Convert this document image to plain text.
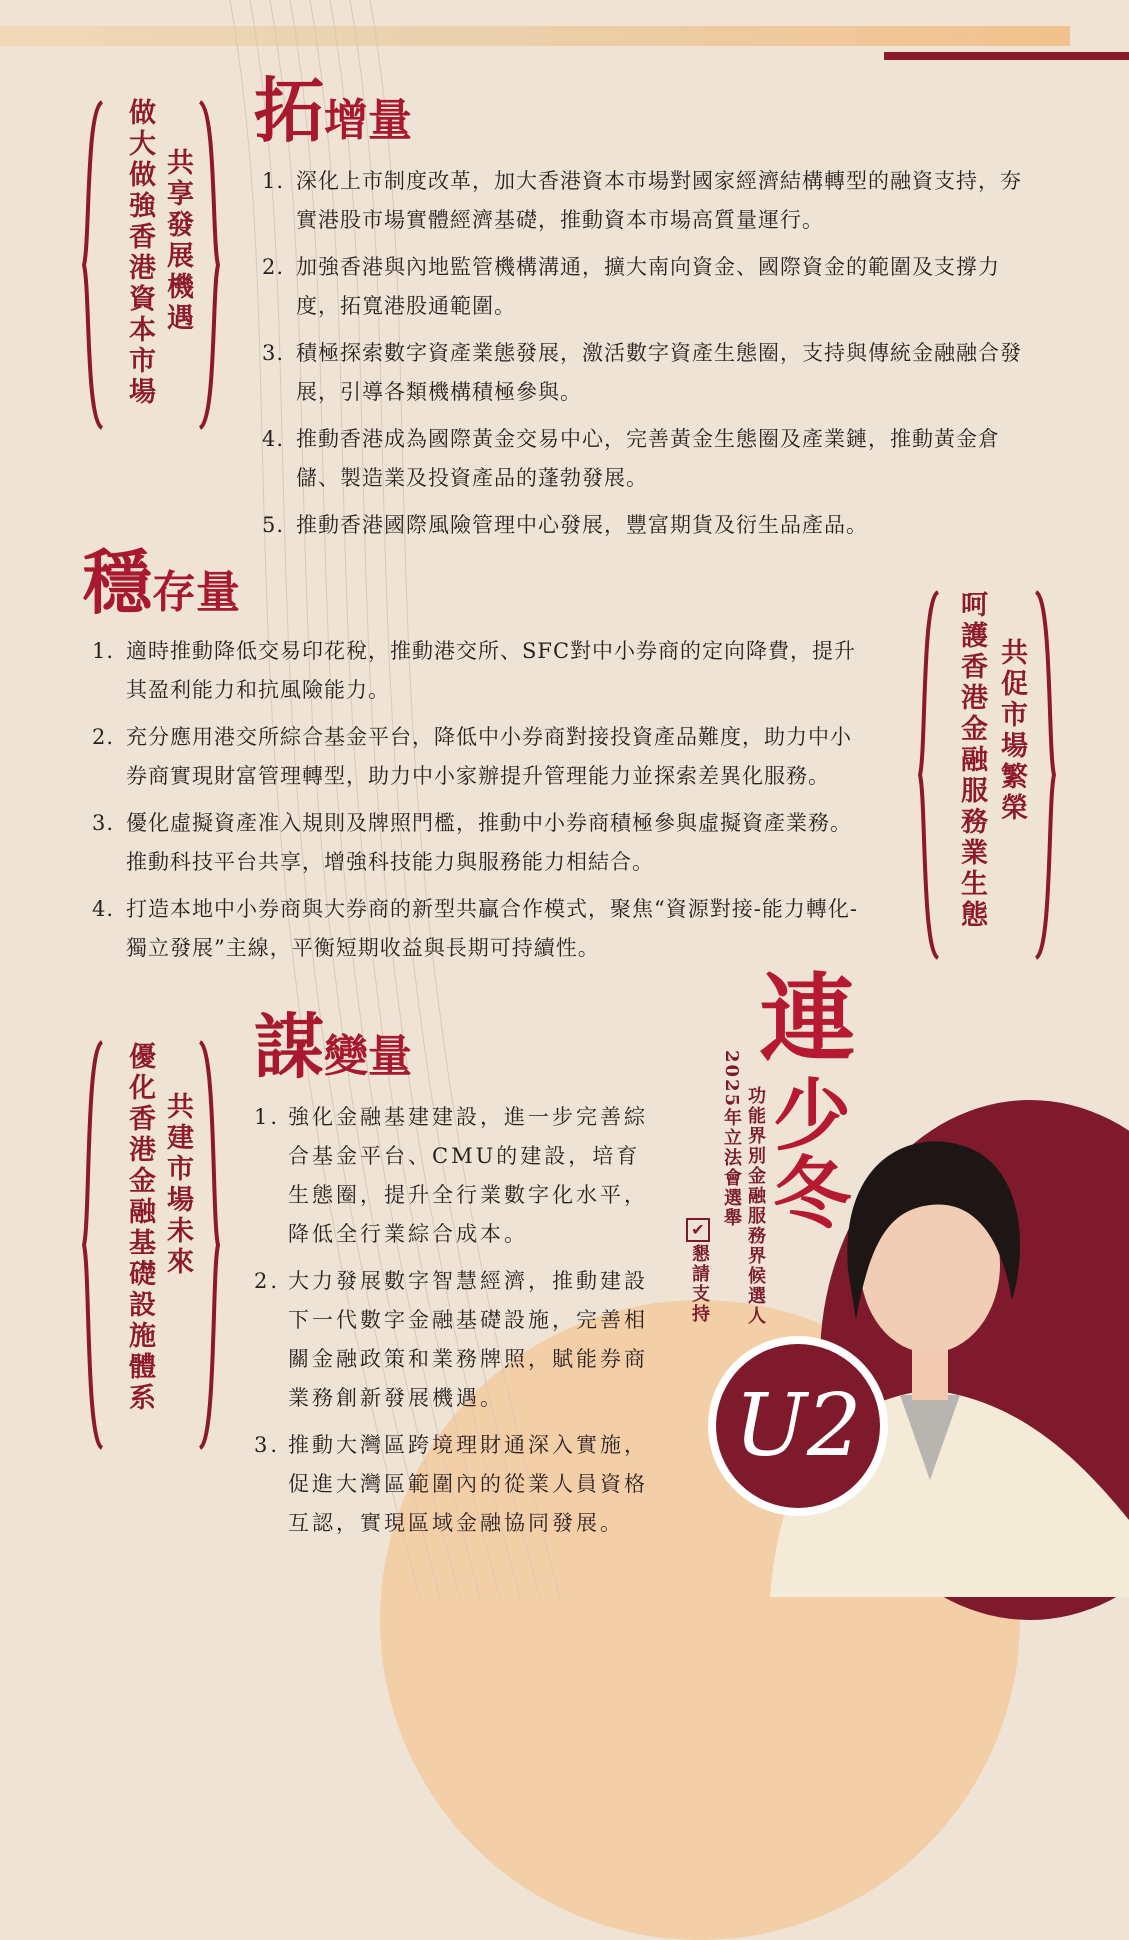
拓增量
做大做強香港資本市場 共享發展機遇	1. 深化上市制度改革，加大香港資本市場對國家經濟結構轉型的融資支持，夯實港股市場實體經濟基礎，推動資本市場高質量運行。
2. 加強香港與內地監管機構溝通，擴大南向資金、國際資金的範圍及支撐力度，拓寬港股通範圍。
3. 積極探索數字資產業態發展，激活數字資產生態圈，支持與傳統金融融合發展，引導各類機構積極參與。
4. 推動香港成為國際黃金交易中心，完善黃金生態圈及產業鏈，推動黃金倉儲、製造業及投資產品的蓬勃發展。
5. 推動香港國際風險管理中心發展，豐富期貨及衍生品產品。
穩存量
1. 適時推動降低交易印花稅，推動港交所、SFC對中小券商的定向降費，提升其盈利能力和抗風險能力。
2. 充分應用港交所綜合基金平台，降低中小券商對接投資產品難度，助力中小券商實現財富管理轉型，助力中小家辦提升管理能力並探索差異化服務。
3. 優化虛擬資產准入規則及牌照門檻，推動中小券商積極參與虛擬資產業務。推動科技平台共享，增強科技能力與服務能力相結合。
4. 打造本地中小券商與大券商的新型共贏合作模式，聚焦“資源對接-能力轉化-獨立發展”主線，平衡短期收益與長期可持續性。
呵護香港金融服務業生態 共促市場繁榮
謀變量
優化香港金融基礎設施體系 共建市場未來	1. 強化金融基建建設，進一步完善綜合基金平台、CMU的建設，培育生態圈，提升全行業數字化水平，降低全行業綜合成本。
2. 大力發展數字智慧經濟，推動建設下一代數字金融基礎設施，完善相關金融政策和業務牌照，賦能券商業務創新發展機遇。
3. 推動大灣區跨境理財通深入實施，促進大灣區範圍內的從業人員資格互認，實現區域金融協同發展。
連
少冬
2025年立法會選舉 功能界別金融服務界候選人
✔
懇請支持
U2
